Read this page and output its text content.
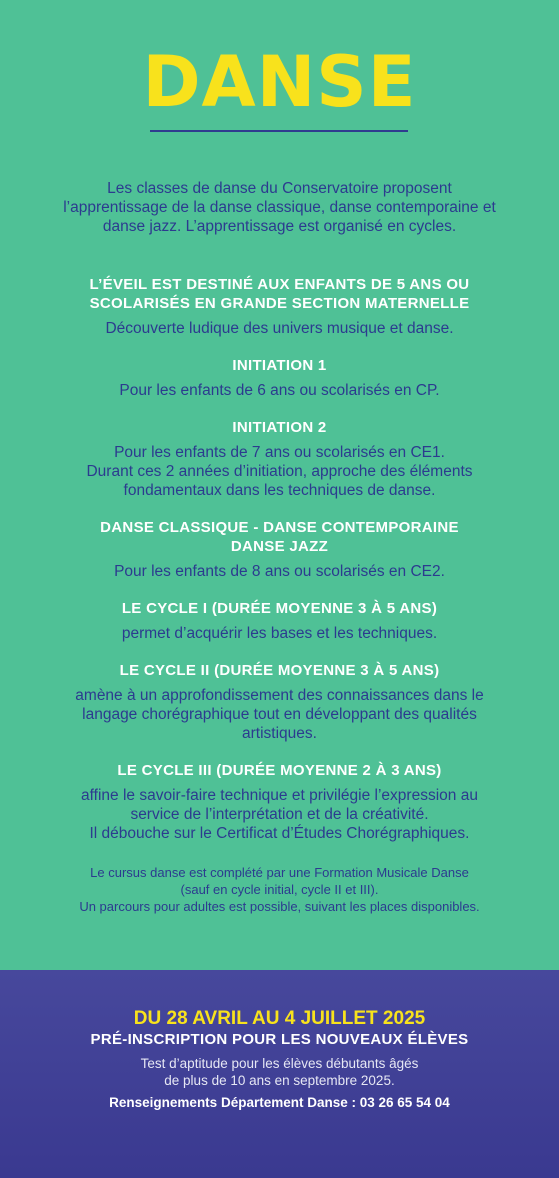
DANSE
Les classes de danse du Conservatoire proposent
l’apprentissage de la danse classique, danse contemporaine et
danse jazz. L’apprentissage est organisé en cycles.
L’ÉVEIL EST DESTINÉ AUX ENFANTS DE 5 ANS OU
SCOLARISÉS EN GRANDE SECTION MATERNELLE
Découverte ludique des univers musique et danse.
INITIATION 1
Pour les enfants de 6 ans ou scolarisés en CP.
INITIATION 2
Pour les enfants de 7 ans ou scolarisés en CE1.
Durant ces 2 années d’initiation, approche des éléments
fondamentaux dans les techniques de danse.
DANSE CLASSIQUE - DANSE CONTEMPORAINE
DANSE JAZZ
Pour les enfants de 8 ans ou scolarisés en CE2.
LE CYCLE I (DURÉE MOYENNE 3 À 5 ANS)
permet d’acquérir les bases et les techniques.
LE CYCLE II (DURÉE MOYENNE 3 À 5 ANS)
amène à un approfondissement des connaissances dans le
langage chorégraphique tout en développant des qualités
artistiques.
LE CYCLE III (DURÉE MOYENNE 2 À 3 ANS)
affine le savoir-faire technique et privilégie l’expression au
service de l’interprétation et de la créativité.
Il débouche sur le Certificat d’Études Chorégraphiques.
Le cursus danse est complété par une Formation Musicale Danse
(sauf en cycle initial, cycle II et III).
Un parcours pour adultes est possible, suivant les places disponibles.
DU 28 AVRIL AU 4 JUILLET 2025
PRÉ-INSCRIPTION POUR LES NOUVEAUX ÉLÈVES
Test d’aptitude pour les élèves débutants âgés
de plus de 10 ans en septembre 2025.
Renseignements Département Danse : 03 26 65 54 04
